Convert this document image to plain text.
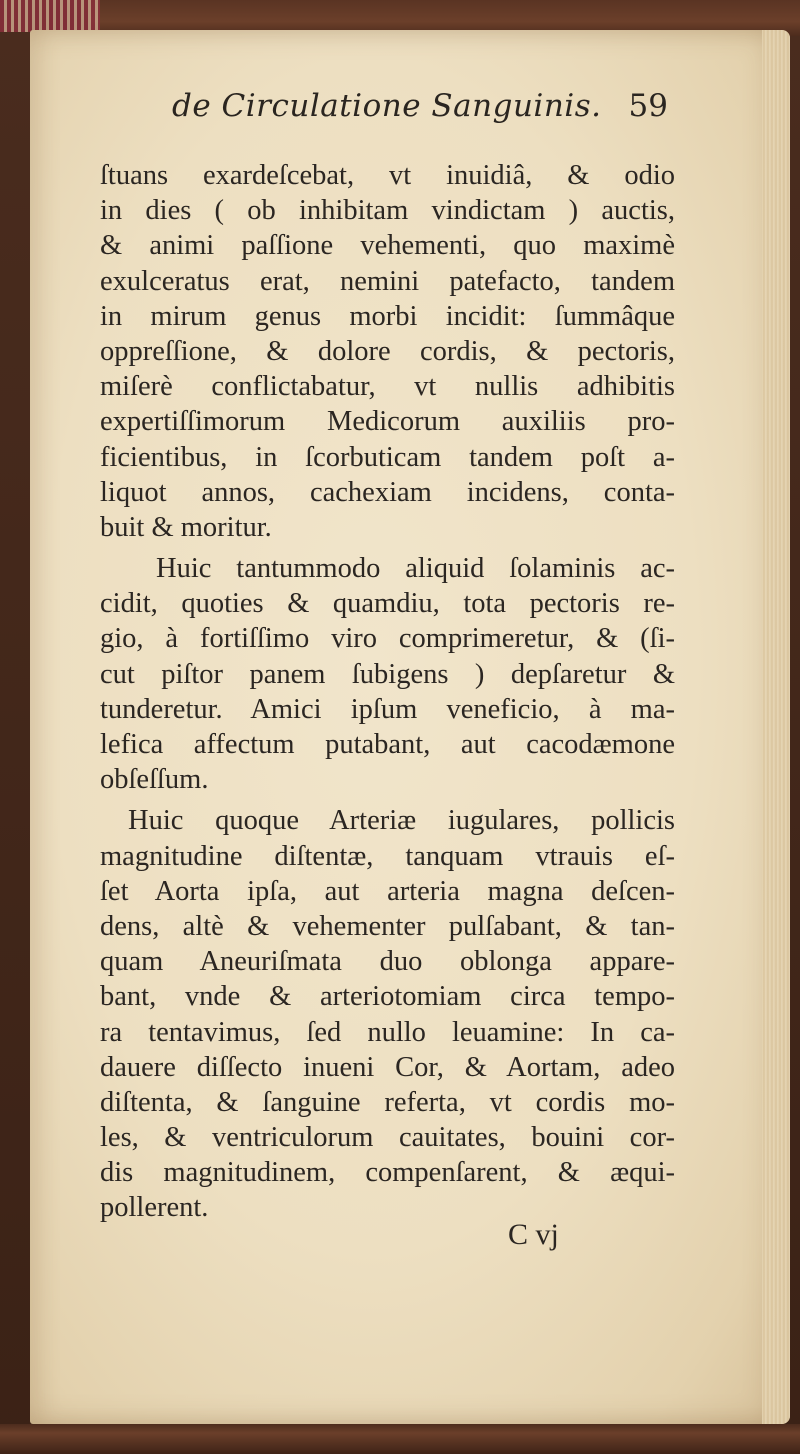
de Circulatione Sanguinis. 59
ſtuans exardeſcebat, vt inuidiâ, & odio
in dies ( ob inhibitam vindictam ) auctis,
& animi paſſione vehementi, quo maximè
exulceratus erat, nemini patefacto, tandem
in mirum genus morbi incidit: ſummâque
oppreſſione, & dolore cordis, & pectoris,
miſerè conflictabatur, vt nullis adhibitis
expertiſſimorum Medicorum auxiliis pro-
ficientibus, in ſcorbuticam tandem poſt a-
liquot annos, cachexiam incidens, conta-
buit & moritur.
Huic tantummodo aliquid ſolaminis ac-
cidit, quoties & quamdiu, tota pectoris re-
gio, à fortiſſimo viro comprimeretur, & (ſi-
cut piſtor panem ſubigens ) depſaretur &
tunderetur. Amici ipſum veneficio, à ma-
lefica affectum putabant, aut cacodæmone
obſeſſum.
Huic quoque Arteriæ iugulares, pollicis
magnitudine diſtentæ, tanquam vtrauis eſ-
ſet Aorta ipſa, aut arteria magna deſcen-
dens, altè & vehementer pulſabant, & tan-
quam Aneuriſmata duo oblonga appare-
bant, vnde & arteriotomiam circa tempo-
ra tentavimus, ſed nullo leuamine: In ca-
dauere diſſecto inueni Cor, & Aortam, adeo
diſtenta, & ſanguine referta, vt cordis mo-
les, & ventriculorum cauitates, bouini cor-
dis magnitudinem, compenſarent, & æqui-
pollerent.
C vj
